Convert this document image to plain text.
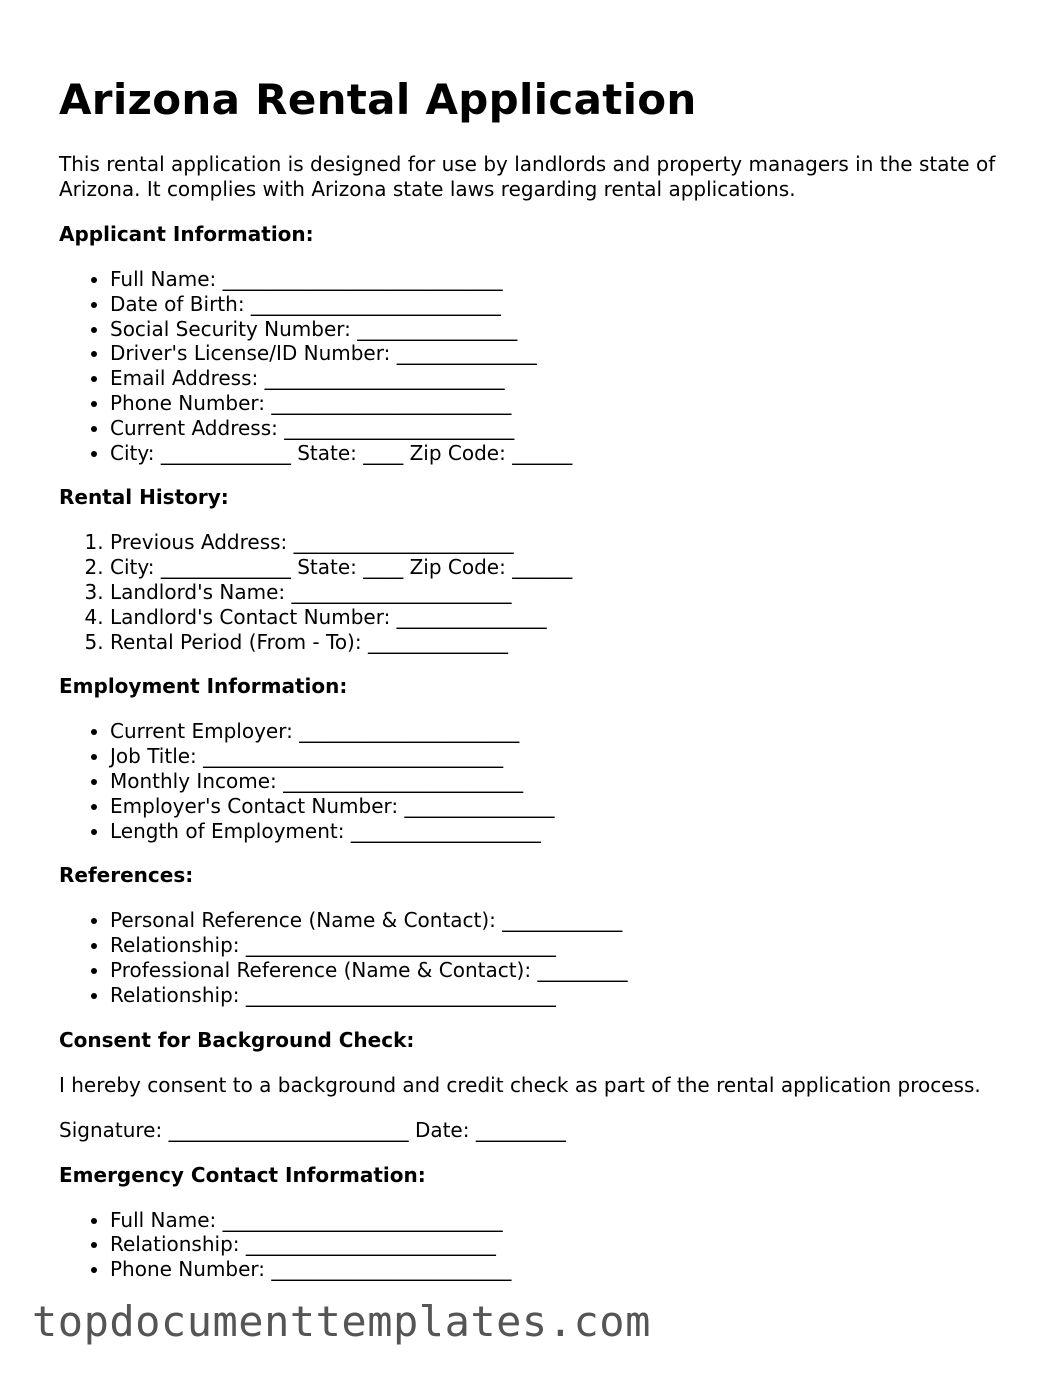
Arizona Rental Application

This rental application is designed for use by landlords and property managers in the state of Arizona. It complies with Arizona state laws regarding rental applications.

Applicant Information:
• Full Name: ____________________________
• Date of Birth: _________________________
• Social Security Number: ________________
• Driver's License/ID Number: ______________
• Email Address: ________________________
• Phone Number: ________________________
• Current Address: _______________________
• City: _____________ State: ____ Zip Code: ______
Rental History:
1. Previous Address: ______________________
2. City: _____________ State: ____ Zip Code: ______
3. Landlord's Name: ______________________
4. Landlord's Contact Number: _______________
5. Rental Period (From - To): ______________
Employment Information:
• Current Employer: ______________________
• Job Title: ______________________________
• Monthly Income: ________________________
• Employer's Contact Number: _______________
• Length of Employment: ___________________
References:
• Personal Reference (Name & Contact): ____________
• Relationship: _______________________________
• Professional Reference (Name & Contact): _________
• Relationship: _______________________________
Consent for Background Check:

I hereby consent to a background and credit check as part of the rental application process.

Signature: ________________________ Date: _________

Emergency Contact Information:
• Full Name: ____________________________
• Relationship: _________________________
• Phone Number: ________________________
topdocumenttemplates.com
